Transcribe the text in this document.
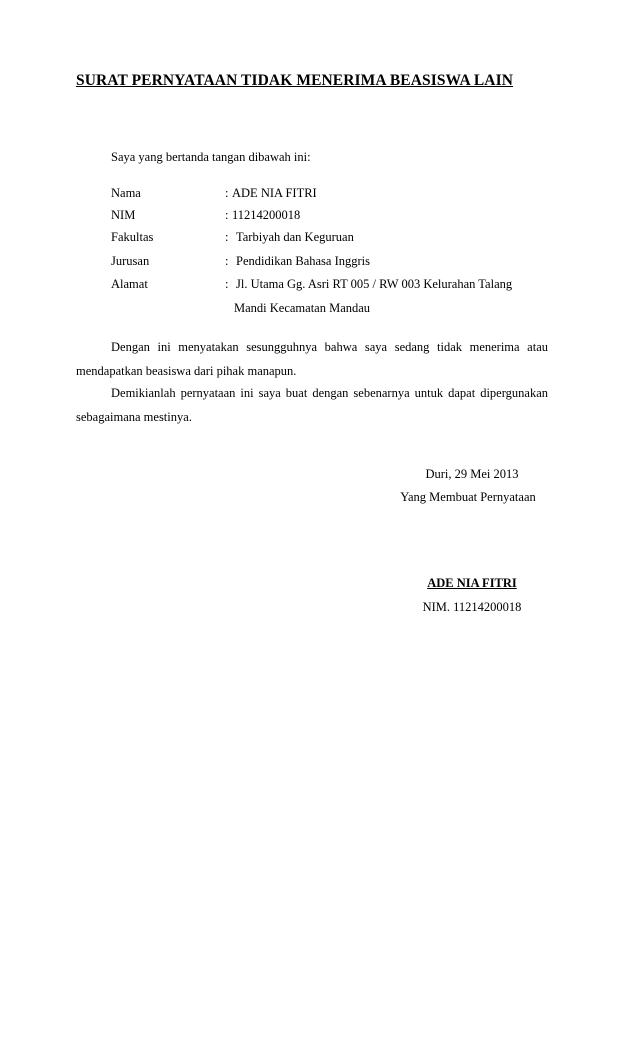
SURAT PERNYATAAN TIDAK MENERIMA BEASISWA LAIN

Saya yang bertanda tangan dibawah ini:

Nama	: ADE NIA FITRI
NIM	: 11214200018
Fakultas	: Tarbiyah dan Keguruan
Jurusan	: Pendidikan Bahasa Inggris
Alamat	: Jl. Utama Gg. Asri RT 005 / RW 003 Kelurahan Talang

Mandi Kecamatan Mandau

Dengan ini menyatakan sesungguhnya bahwa saya sedang tidak menerima atau mendapatkan beasiswa dari pihak manapun.

Demikianlah pernyataan ini saya buat dengan sebenarnya untuk dapat dipergunakan sebagaimana mestinya.

Duri, 29 Mei 2013
Yang Membuat Pernyataan
ADE NIA FITRI
NIM. 11214200018
